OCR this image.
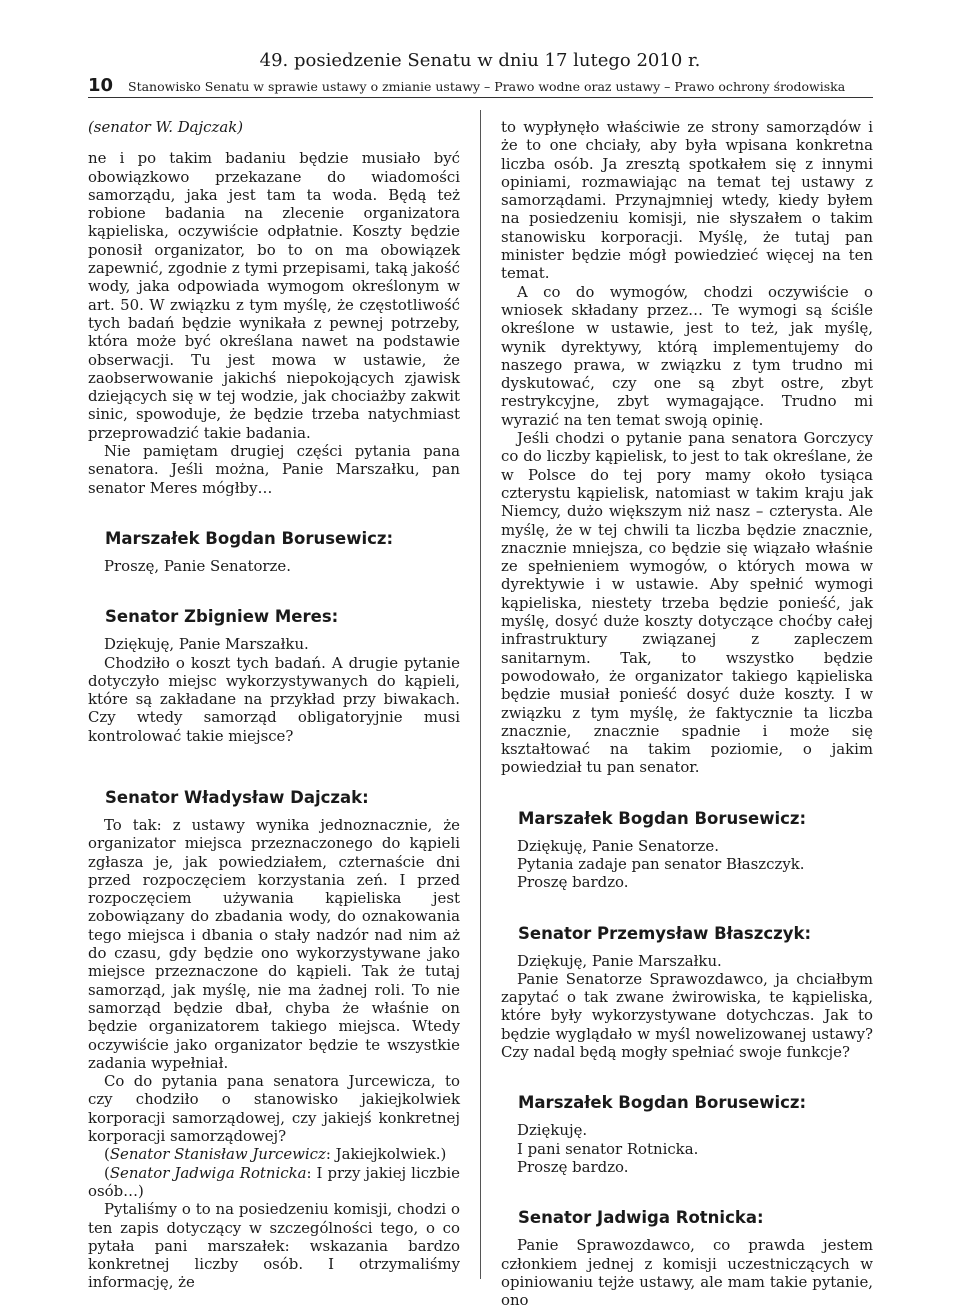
49. posiedzenie Senatu w dniu 17 lutego 2010 r.
10	Stanowisko Senatu w sprawie ustawy o zmianie ustawy – Prawo wodne oraz ustawy – Prawo ochrony środowiska

(senator W. Dajczak)

ne i po takim badaniu będzie musiało być obowiązkowo przekazane do wiadomości samorządu, jaka jest tam ta woda. Będą też robione badania na zlecenie organizatora kąpieliska, oczywiście odpłatnie. Koszty będzie ponosił organizator, bo to on ma obowiązek zapewnić, zgodnie z tymi przepisami, taką jakość wody, jaka odpowiada wymogom określonym w art. 50. W związku z tym myślę, że częstotliwość tych badań będzie wynikała z pewnej potrzeby, która może być określana nawet na podstawie obserwacji. Tu jest mowa w ustawie, że zaobserwowanie jakichś niepokojących zjawisk dziejących się w tej wodzie, jak chociażby zakwit sinic, spowoduje, że będzie trzeba natychmiast przeprowadzić takie badania.

Nie pamiętam drugiej części pytania pana senatora. Jeśli można, Panie Marszałku, pan senator Meres mógłby…

Marszałek Bogdan Borusewicz:

Proszę, Panie Senatorze.

Senator Zbigniew Meres:

Dziękuję, Panie Marszałku.

Chodziło o koszt tych badań. A drugie pytanie dotyczyło miejsc wykorzystywanych do kąpieli, które są zakładane na przykład przy biwakach. Czy wtedy samorząd obligatoryjnie musi kontrolować takie miejsce?

Senator Władysław Dajczak:

To tak: z ustawy wynika jednoznacznie, że organizator miejsca przeznaczonego do kąpieli zgłasza je, jak powiedziałem, czternaście dni przed rozpoczęciem korzystania zeń. I przed rozpoczęciem używania kąpieliska jest zobowiązany do zbadania wody, do oznakowania tego miejsca i dbania o stały nadzór nad nim aż do czasu, gdy będzie ono wykorzystywane jako miejsce przeznaczone do kąpieli. Tak że tutaj samorząd, jak myślę, nie ma żadnej roli. To nie samorząd będzie dbał, chyba że właśnie on będzie organizatorem takiego miejsca. Wtedy oczywiście jako organizator będzie te wszystkie zadania wypełniał.

Co do pytania pana senatora Jurcewicza, to czy chodziło o stanowisko jakiejkolwiek korporacji samorządowej, czy jakiejś konkretnej korporacji samorządowej?

(Senator Stanisław Jurcewicz: Jakiejkolwiek.)

(Senator Jadwiga Rotnicka: I przy jakiej liczbie osób…)

Pytaliśmy o to na posiedzeniu komisji, chodzi o ten zapis dotyczący w szczególności tego, o co pytała pani marszałek: wskazania bardzo konkretnej liczby osób. I otrzymaliśmy informację, że

to wypłynęło właściwie ze strony samorządów i że to one chciały, aby była wpisana konkretna liczba osób. Ja zresztą spotkałem się z innymi opiniami, rozmawiając na temat tej ustawy z samorządami. Przynajmniej wtedy, kiedy byłem na posiedzeniu komisji, nie słyszałem o takim stanowisku korporacji. Myślę, że tutaj pan minister będzie mógł powiedzieć więcej na ten temat.

A co do wymogów, chodzi oczywiście o wniosek składany przez… Te wymogi są ściśle określone w ustawie, jest to też, jak myślę, wynik dyrektywy, którą implementujemy do naszego prawa, w związku z tym trudno mi dyskutować, czy one są zbyt ostre, zbyt restrykcyjne, zbyt wymagające. Trudno mi wyrazić na ten temat swoją opinię.

Jeśli chodzi o pytanie pana senatora Gorczycy co do liczby kąpielisk, to jest to tak określane, że w Polsce do tej pory mamy około tysiąca czterystu kąpielisk, natomiast w takim kraju jak Niemcy, dużo większym niż nasz – czterysta. Ale myślę, że w tej chwili ta liczba będzie znacznie, znacznie mniejsza, co będzie się wiązało właśnie ze spełnieniem wymogów, o których mowa w dyrektywie i w ustawie. Aby spełnić wymogi kąpieliska, niestety trzeba będzie ponieść, jak myślę, dosyć duże koszty dotyczące choćby całej infrastruktury związanej z zapleczem sanitarnym. Tak, to wszystko będzie powodowało, że organizator takiego kąpieliska będzie musiał ponieść dosyć duże koszty. I w związku z tym myślę, że faktycznie ta liczba znacznie, znacznie spadnie i może się kształtować na takim poziomie, o jakim powiedział tu pan senator.

Marszałek Bogdan Borusewicz:

Dziękuję, Panie Senatorze.

Pytania zadaje pan senator Błaszczyk.

Proszę bardzo.

Senator Przemysław Błaszczyk:

Dziękuję, Panie Marszałku.

Panie Senatorze Sprawozdawco, ja chciałbym zapytać o tak zwane żwirowiska, te kąpieliska, które były wykorzystywane dotychczas. Jak to będzie wyglądało w myśl nowelizowanej ustawy? Czy nadal będą mogły spełniać swoje funkcje?

Marszałek Bogdan Borusewicz:

Dziękuję.

I pani senator Rotnicka.

Proszę bardzo.

Senator Jadwiga Rotnicka:

Panie Sprawozdawco, co prawda jestem członkiem jednej z komisji uczestniczących w opiniowaniu tejże ustawy, ale mam takie pytanie, ono
